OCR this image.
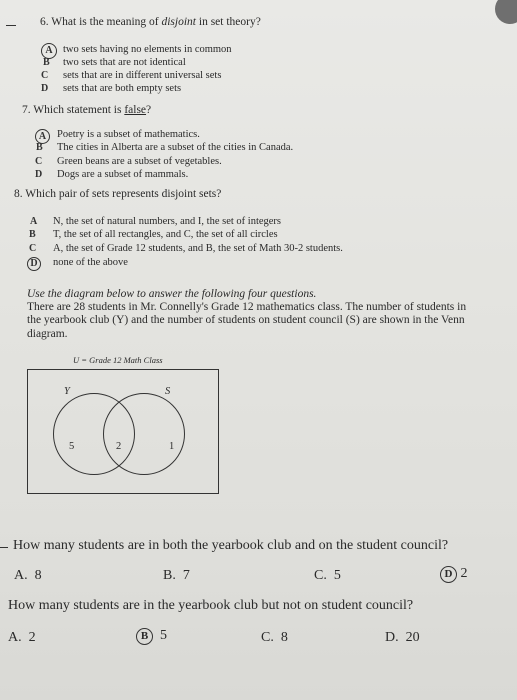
6. What is the meaning of disjoint in set theory?
A two sets having no elements in common
B two sets that are not identical
C sets that are in different universal sets
D sets that are both empty sets
7. Which statement is false?
A	Poetry is a subset of mathematics.
B The cities in Alberta are a subset of the cities in Canada.
C Green beans are a subset of vegetables.
D Dogs are a subset of mammals.
8. Which pair of sets represents disjoint sets?
A N, the set of natural numbers, and I, the set of integers
B T, the set of all rectangles, and C, the set of all circles
C A, the set of Grade 12 students, and B, the set of Math 30-2 students.
D	none of the above
Use the diagram below to answer the following four questions.
There are 28 students in Mr. Connelly's Grade 12 mathematics class. The number of students in
the yearbook club (Y) and the number of students on student council (S) are shown in the Venn
diagram.
U = Grade 12 Math Class
Y	S
5	2	1
How many students are in both the yearbook club and on the student council?
A. 8	B. 7	C. 5	D 2
How many students are in the yearbook club but not on student council?
A. 2	B 5	C. 8	D. 20
